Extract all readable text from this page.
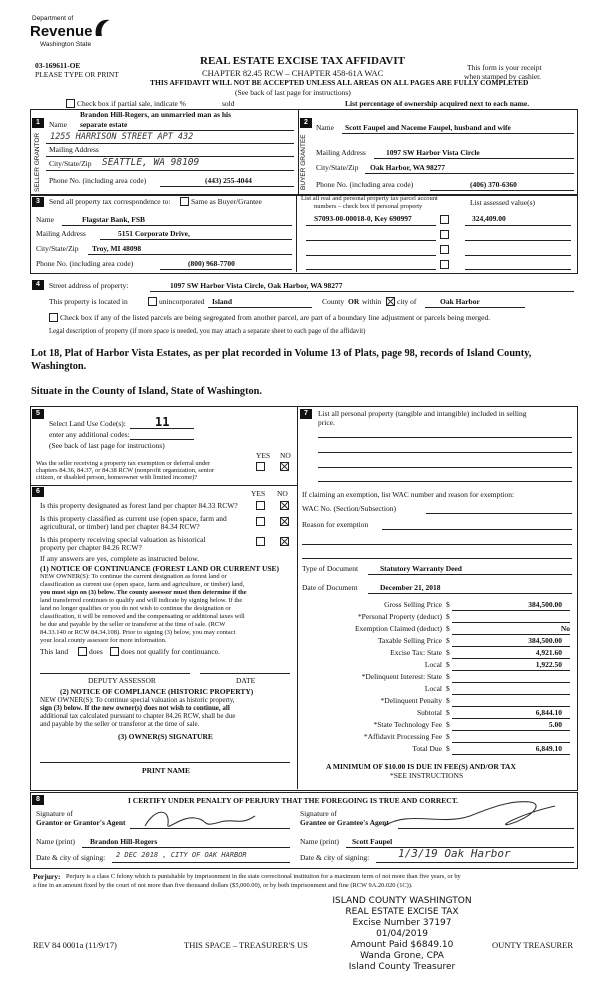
Department of
Revenue
Washington State
03-169611-OE
PLEASE TYPE OR PRINT
REAL ESTATE EXCISE TAX AFFIDAVIT
CHAPTER 82.45 RCW – CHAPTER 458-61A WAC
THIS AFFIDAVIT WILL NOT BE ACCEPTED UNLESS ALL AREAS ON ALL PAGES ARE FULLY COMPLETED
(See back of last page for instructions)
This form is your receipt
when stamped by cashier.
Check box if partial sale, indicate %	sold	List percentage of ownership acquired next to each name.
1	2
SELLER GRANTOR	BUYER GRANTEE
Brandon Hill-Rogers, an unmarried man as his
Name separate estate
1255 HARRISON STREET APT 432
Mailing Address
City/State/Zip SEATTLE, WA 98109
Phone No. (including area code)	(443) 255-4044
Name Scott Faupel and Naceme Faupel, husband and wife
Mailing Address	1097 SW Harbor Vista Circle
City/State/Zip Oak Harbor, WA 98277
Phone No. (including area code)	(406) 370-6360
3	Send all property tax correspondence to:	Same as Buyer/Grantee
Name	Flagstar Bank, FSB
Mailing Address	5151 Corporate Drive,
City/State/Zip Troy, MI 48098
Phone No. (including area code)	(800) 968-7700
List all real and personal property tax parcel account
numbers – check box if personal property	List assessed value(s)
S7093-00-00018-0, Key 690997	324,409.00
4	Street address of property:	1097 SW Harbor Vista Circle, Oak Harbor, WA 98277
This property is located in	unincorporated Island	County OR within city of	Oak Harbor
Check box if any of the listed parcels are being segregated from another parcel, are part of a boundary line adjustment or parcels being merged.
Legal description of property (if more space is needed, you may attach a separate sheet to each page of the affidavit)
Lot 18, Plat of Harbor Vista Estates, as per plat recorded in Volume 13 of Plats, page 98, records of Island County,
Washington.
Situate in the County of Island, State of Washington.
5
Select Land Use Code(s): 11
enter any additional codes:
(See back of last page for instructions)
YES NO
Was the seller receiving a property tax exemption or deferral under
chapters 84.36, 84.37, or 84.38 RCW (nonprofit organization, senior
citizen, or disabled person, homeowner with limited income)?
6	YES NO
Is this property designated as forest land per chapter 84.33 RCW?
Is this property classified as current use (open space, farm and
agricultural, or timber) land per chapter 84.34 RCW?
Is this property receiving special valuation as historical
property per chapter 84.26 RCW?
If any answers are yes, complete as instructed below.
(1) NOTICE OF CONTINUANCE (FOREST LAND OR CURRENT USE)
NEW OWNER(S): To continue the current designation as forest land or
classification as current use (open space, farm and agriculture, or timber) land,
you must sign on (3) below. The county assessor must then determine if the
land transferred continues to qualify and will indicate by signing below. If the
land no longer qualifies or you do not wish to continue the designation or
classification, it will be removed and the compensating or additional taxes will
be due and payable by the seller or transferor at the time of sale. (RCW
84.33.140 or RCW 84.34.108). Prior to signing (3) below, you may contact
your local county assessor for more information.
This land	does does not qualify for continuance.
DEPUTY ASSESSOR	DATE
(2) NOTICE OF COMPLIANCE (HISTORIC PROPERTY)
NEW OWNER(S): To continue special valuation as historic property,
sign (3) below. If the new owner(s) does not wish to continue, all
additional tax calculated pursuant to chapter 84.26 RCW, shall be due
and payable by the seller or transferor at the time of sale.
(3) OWNER(S) SIGNATURE
PRINT NAME
7	List all personal property (tangible and intangible) included in selling
price.
If claiming an exemption, list WAC number and reason for exemption:
WAC No. (Section/Subsection)
Reason for exemption
Type of Document	Statutory Warranty Deed
Date of Document	December 21, 2018
Gross Selling Price $	384,500.00
*Personal Property (deduct) $
Exemption Claimed (deduct) $	No
Taxable Selling Price $	384,500.00
Excise Tax: State $	4,921.60
Local $	1,922.50
*Delinquent Interest: State $
Local $
*Delinquent Penalty $
Subtotal $	6,844.10
*State Technology Fee $	5.00
*Affidavit Processing Fee $
Total Due $	6,849.10
A MINIMUM OF $10.00 IS DUE IN FEE(S) AND/OR TAX
*SEE INSTRUCTIONS
8	I CERTIFY UNDER PENALTY OF PERJURY THAT THE FOREGOING IS TRUE AND CORRECT.
Signature of
Grantor or Grantor's Agent
Signature of
Grantee or Grantee's Agent
Name (print) Brandon Hill-Rogers	Name (print) Scott Faupel
Date & city of signing: 2 DEC 2018 , CITY OF OAK HARBOR	Date & city of signing:	1/3/19 Oak Harbor
Perjury: Perjury is a class C felony which is punishable by imprisonment in the state correctional institution for a maximum term of not more than five years, or by
a fine in an amount fixed by the court of not more than five thousand dollars ($5,000.00), or by both imprisonment and fine (RCW 9A.20.020 (1C)).
ISLAND COUNTY WASHINGTON
REAL ESTATE EXCISE TAX
Excise Number 37197
01/04/2019
Amount Paid $6849.10
Wanda Grone, CPA
Island County Treasurer
REV 84 0001a (11/9/17)	THIS SPACE – TREASURER'S US	OUNTY TREASURER
